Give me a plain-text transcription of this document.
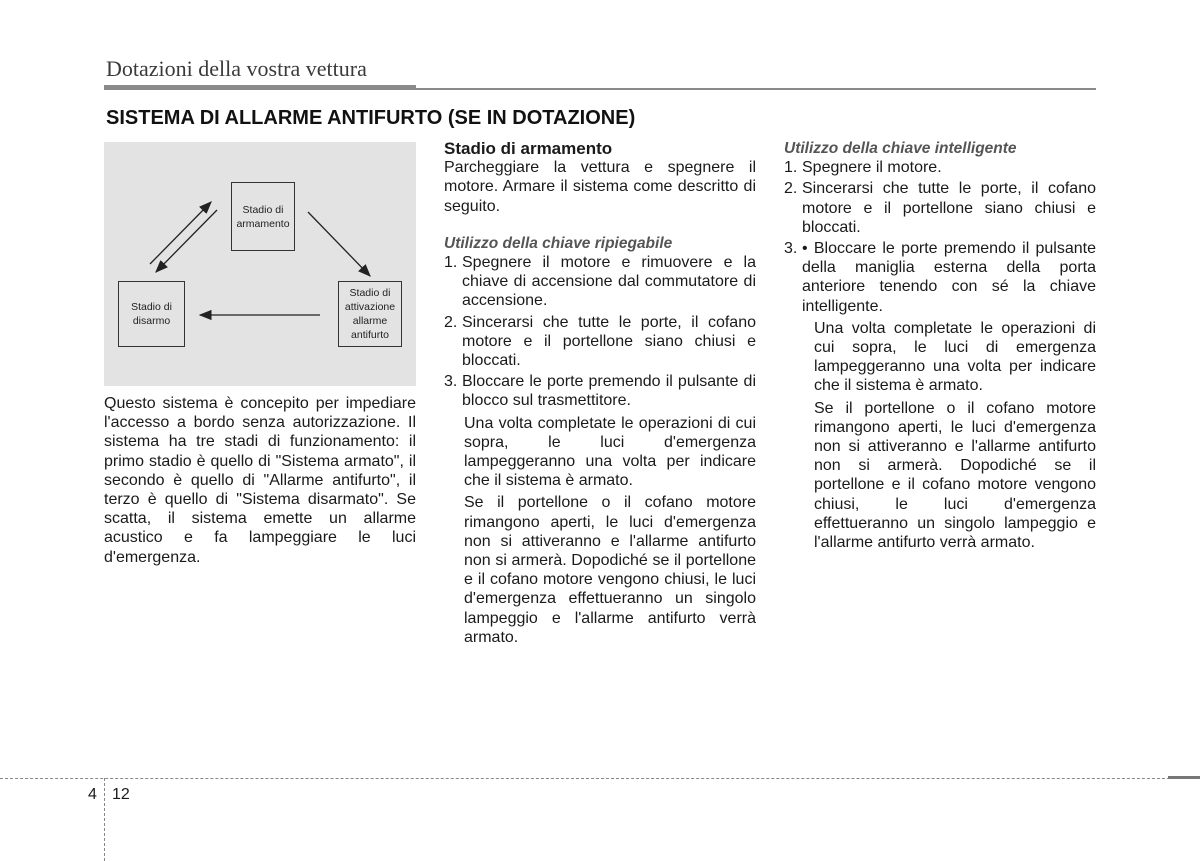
Dotazioni della vostra vettura
SISTEMA DI ALLARME ANTIFURTO (SE IN DOTAZIONE)
Stadio di
armamento
Stadio di
attivazione
allarme
antifurto
Stadio di
disarmo

Questo sistema è concepito per impediare l'accesso a bordo senza autorizzazione. Il sistema ha tre stadi di funzionamento: il primo stadio è quello di "Sistema armato", il secondo è quello di "Allarme antifurto", il terzo è quello di "Sistema disarmato". Se scatta, il sistema emette un allarme acustico e fa lampeggiare le luci d'emergenza.

Stadio di armamento

Parcheggiare la vettura e spegnere il motore. Armare il sistema come descritto di seguito.

Utilizzo della chiave ripiegabile

1. Spegnere il motore e rimuovere e la chiave di accensione dal commutatore di accensione.
2. Sincerarsi che tutte le porte, il cofano motore e il portellone siano chiusi e bloccati.
3. Bloccare le porte premendo il pulsante di blocco sul trasmettitore.

Una volta completate le operazioni di cui sopra, le luci d'emergenza lampeggeranno una volta per indicare che il sistema è armato.

Se il portellone o il cofano motore rimangono aperti, le luci d'emergenza non si attiveranno e l'allarme antifurto non si armerà. Dopodiché se il portellone e il cofano motore vengono chiusi, le luci d'emergenza effettueranno un singolo lampeggio e l'allarme antifurto verrà armato.

Utilizzo della chiave intelligente

1. Spegnere il motore.
2. Sincerarsi che tutte le porte, il cofano motore e il portellone siano chiusi e bloccati.
3. • Bloccare le porte premendo il pulsante della maniglia esterna della porta anteriore tenendo con sé la chiave intelligente.

Una volta completate le operazioni di cui sopra, le luci di emergenza lampeggeranno una volta per indicare che il sistema è armato.

Se il portellone o il cofano motore rimangono aperti, le luci d'emergenza non si attiveranno e l'allarme antifurto non si armerà. Dopodiché se il portellone e il cofano motore vengono chiusi, le luci d'emergenza effettueranno un singolo lampeggio e l'allarme antifurto verrà armato.

4 12
